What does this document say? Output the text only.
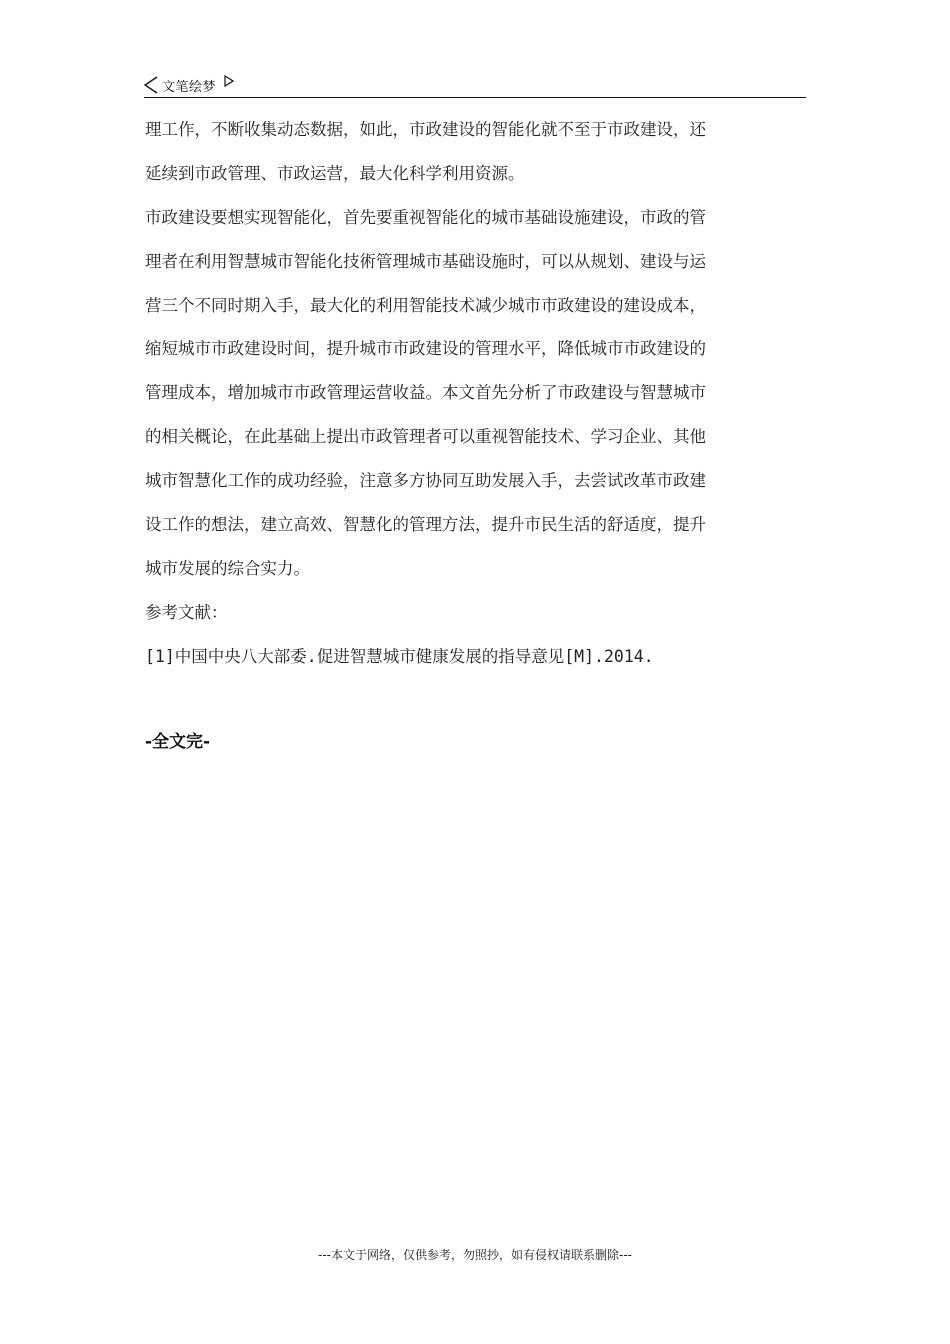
文笔绘梦
理工作，不断收集动态数据，如此，市政建设的智能化就不至于市政建设，还
延续到市政管理、市政运营，最大化科学利用资源。
市政建设要想实现智能化，首先要重视智能化的城市基础设施建设，市政的管
理者在利用智慧城市智能化技術管理城市基础设施时，可以从规划、建设与运
营三个不同时期入手，最大化的利用智能技术减少城市市政建设的建设成本，
缩短城市市政建设时间，提升城市市政建设的管理水平，降低城市市政建设的
管理成本，增加城市市政管理运营收益。本文首先分析了市政建设与智慧城市
的相关概论，在此基础上提出市政管理者可以重视智能技术、学习企业、其他
城市智慧化工作的成功经验，注意多方协同互助发展入手，去尝试改革市政建
设工作的想法，建立高效、智慧化的管理方法，提升市民生活的舒适度，提升
城市发展的综合实力。
参考文献：
[1]中国中央八大部委.促进智慧城市健康发展的指导意见[M].2014.
-全文完-
---本文于网络，仅供参考，勿照抄，如有侵权请联系删除---
